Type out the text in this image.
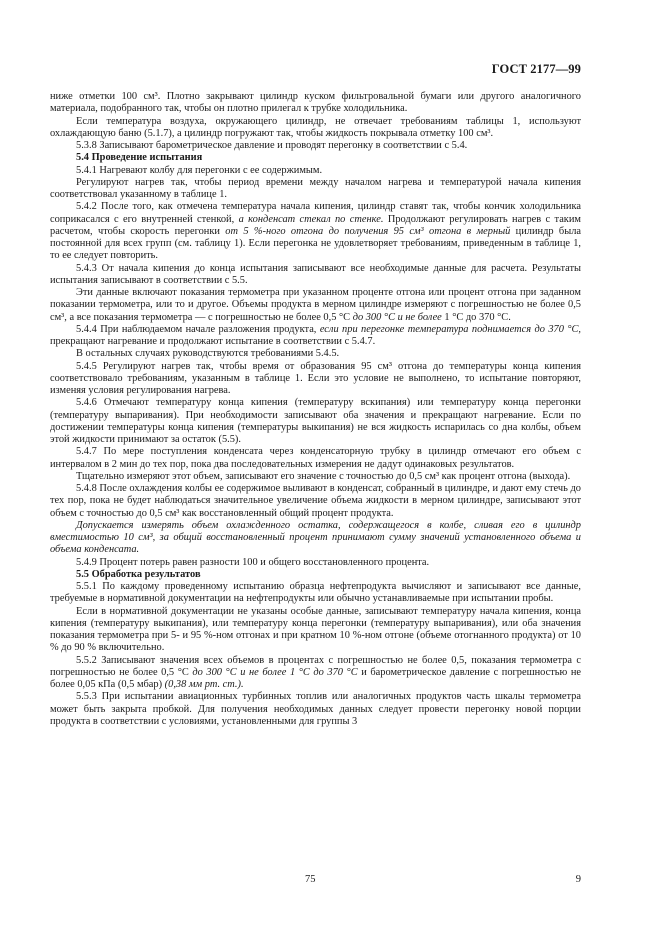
ГОСТ 2177—99

ниже отметки 100 см³. Плотно закрывают цилиндр куском фильтровальной бумаги или другого аналогичного материала, подобранного так, чтобы он плотно прилегал к трубке холодильника.

Если температура воздуха, окружающего цилиндр, не отвечает требованиям таблицы 1, используют охлаждающую баню (5.1.7), а цилиндр погружают так, чтобы жидкость покрывала отметку 100 см³.

5.3.8 Записывают барометрическое давление и проводят перегонку в соответствии с 5.4.

5.4 Проведение испытания

5.4.1 Нагревают колбу для перегонки с ее содержимым.

Регулируют нагрев так, чтобы период времени между началом нагрева и температурой начала кипения соответствовал указанному в таблице 1.

5.4.2 После того, как отмечена температура начала кипения, цилиндр ставят так, чтобы кончик холодильника соприкасался с его внутренней стенкой, а конденсат стекал по стенке. Продолжают регулировать нагрев с таким расчетом, чтобы скорость перегонки от 5 %-ного отгона до получения 95 см³ отгона в мерный цилиндр была постоянной для всех групп (см. таблицу 1). Если перегонка не удовлетворяет требованиям, приведенным в таблице 1, то ее следует повторить.

5.4.3 От начала кипения до конца испытания записывают все необходимые данные для расчета. Результаты испытания записывают в соответствии с 5.5.

Эти данные включают показания термометра при указанном проценте отгона или процент отгона при заданном показании термометра, или то и другое. Объемы продукта в мерном цилиндре измеряют с погрешностью не более 0,5 см³, а все показания термометра — с погрешностью не более 0,5 °С до 300 °С и не более 1 °С до 370 °С.

5.4.4 При наблюдаемом начале разложения продукта, если при перегонке температура поднимается до 370 °С, прекращают нагревание и продолжают испытание в соответствии с 5.4.7.

В остальных случаях руководствуются требованиями 5.4.5.

5.4.5 Регулируют нагрев так, чтобы время от образования 95 см³ отгона до температуры конца кипения соответствовало требованиям, указанным в таблице 1. Если это условие не выполнено, то испытание повторяют, изменяя условия регулирования нагрева.

5.4.6 Отмечают температуру конца кипения (температуру вскипания) или температуру конца перегонки (температуру выпаривания). При необходимости записывают оба значения и прекращают нагревание. Если по достижении температуры конца кипения (температуры выкипания) не вся жидкость испарилась со дна колбы, объем этой жидкости принимают за остаток (5.5).

5.4.7 По мере поступления конденсата через конденсаторную трубку в цилиндр отмечают его объем с интервалом в 2 мин до тех пор, пока два последовательных измерения не дадут одинаковых результатов.

Тщательно измеряют этот объем, записывают его значение с точностью до 0,5 см³ как процент отгона (выхода).

5.4.8 После охлаждения колбы ее содержимое выливают в конденсат, собранный в цилиндре, и дают ему стечь до тех пор, пока не будет наблюдаться значительное увеличение объема жидкости в мерном цилиндре, записывают этот объем с точностью до 0,5 см³ как восстановленный общий процент продукта.

Допускается измерять объем охлажденного остатка, содержащегося в колбе, сливая его в цилиндр вместимостью 10 см³, за общий восстановленный процент принимают сумму значений установленного объема и объема конденсата.

5.4.9 Процент потерь равен разности 100 и общего восстановленного процента.

5.5 Обработка результатов

5.5.1 По каждому проведенному испытанию образца нефтепродукта вычисляют и записывают все данные, требуемые в нормативной документации на нефтепродукты или обычно устанавливаемые при испытании пробы.

Если в нормативной документации не указаны особые данные, записывают температуру начала кипения, конца кипения (температуру выкипания), или температуру конца перегонки (температуру выпаривания), или оба значения показания термометра при 5- и 95 %-ном отгонах и при кратном 10 %-ном отгоне (объеме отогнанного продукта) от 10 % до 90 % включительно.

5.5.2 Записывают значения всех объемов в процентах с погрешностью не более 0,5, показания термометра с погрешностью не более 0,5 °С до 300 °С и не более 1 °С до 370 °С и барометрическое давление с погрешностью не более 0,05 кПа (0,5 мбар) (0,38 мм рт. ст.).

5.5.3 При испытании авиационных турбинных топлив или аналогичных продуктов часть шкалы термометра может быть закрыта пробкой. Для получения необходимых данных следует провести перегонку новой порции продукта в соответствии с условиями, установленными для группы 3

75	9
